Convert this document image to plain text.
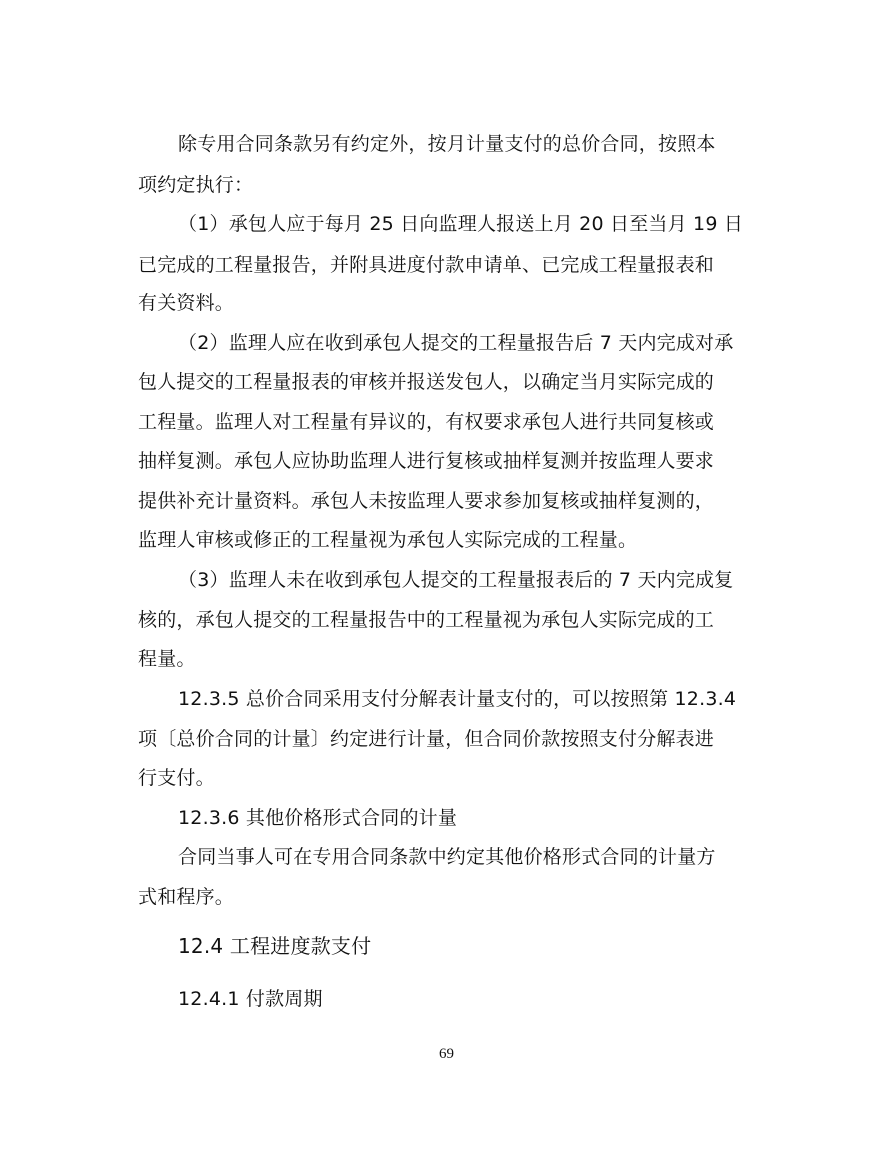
除专用合同条款另有约定外，按月计量支付的总价合同，按照本
项约定执行：
（1）承包人应于每月 25 日向监理人报送上月 20 日至当月 19 日
已完成的工程量报告，并附具进度付款申请单、已完成工程量报表和
有关资料。
（2）监理人应在收到承包人提交的工程量报告后 7 天内完成对承
包人提交的工程量报表的审核并报送发包人，以确定当月实际完成的
工程量。监理人对工程量有异议的，有权要求承包人进行共同复核或
抽样复测。承包人应协助监理人进行复核或抽样复测并按监理人要求
提供补充计量资料。承包人未按监理人要求参加复核或抽样复测的，
监理人审核或修正的工程量视为承包人实际完成的工程量。
（3）监理人未在收到承包人提交的工程量报表后的 7 天内完成复
核的，承包人提交的工程量报告中的工程量视为承包人实际完成的工
程量。
12.3.5 总价合同采用支付分解表计量支付的，可以按照第 12.3.4
项〔总价合同的计量〕约定进行计量，但合同价款按照支付分解表进
行支付。
12.3.6 其他价格形式合同的计量
合同当事人可在专用合同条款中约定其他价格形式合同的计量方
式和程序。
12.4 工程进度款支付
12.4.1 付款周期
69
